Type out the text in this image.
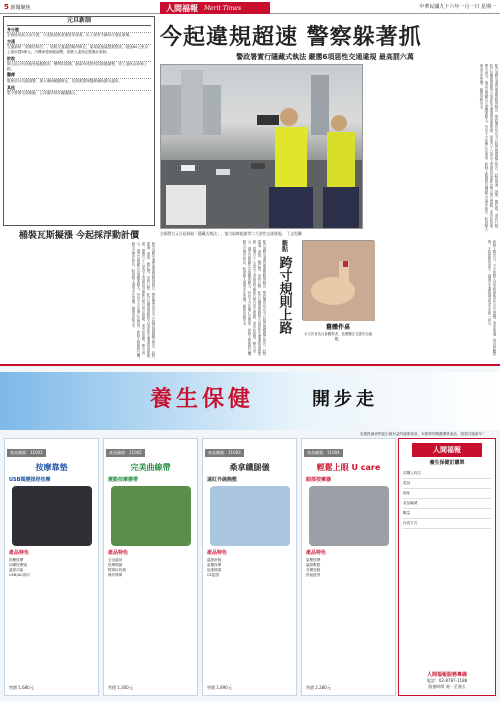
5 新聞聚焦	中華民國九十六年一月一日 星期一
人間福報 Merit Times
元旦新制
身分證

全面使用新式身分證，口述換領無須填寫申請書，出入境等手續均可憑此辦理。

交通

交通新制「酒駕防制法」；道路交通處罰條例修正，違規超速處罰鍰提高，超速60公里以上最高罰6萬元。汽機車強制險調整，駕駛人違規記點累計新制。

財稅

個人綜合所得稅免稅額提高，標準扣除額、薪資所得特別扣除額調整，勞工退休金新制上路。

醫療

健保部分負擔調整，重大傷病範圍修正，長期照護與醫療補助擴大適用。

其他

電子發票全面推動，公共場所禁菸範圍擴大。

桶裝瓦斯擬漲 今起採浮動計價
配合道路交通管理處罰條例修正，警政署宣布自今日起實施隱藏式執法，針對超速、酒駕、闖紅燈、逆向行駛、蛇行及嚴重超載等六項惡性交通違規加強取締。超速六十公里以上者最高可處新台幣六萬元罰鍰，並吊扣駕照。警方表示，過去以明顯告示提醒駕駛人，仍有不少民眾心存僥倖，新制上路後將以機動方式埋伏執法，盼駕駛人養成守法習慣，確保用路安全。
今起違規超速 警察躲著抓
警政署實行隱藏式執法 嚴懲6項惡性交通違規 最高罰六萬
全國警方元旦起採取「隱藏式執法」，強力取締超速等六大惡性交通違規。 丁志堅攝
配合道路交通管理處罰條例修正，警政署宣布自今日起實施隱藏式執法，針對超速、酒駕、闖紅燈、逆向行駛、蛇行及嚴重超載等六項惡性交通違規加強取締。超速六十公里以上者最高可處新台幣六萬元罰鍰，並吊扣駕照。警方表示，過去以明顯告示提醒駕駛人，仍有不少民眾心存僥倖，新制上路後將以機動方式埋伏執法，盼駕駛人養成守法習慣，確保用路安全。
配合道路交通管理處罰條例修正，警政署宣布自今日起實施隱藏式執法，針對超速、酒駕、闖紅燈、逆向行駛、蛇行及嚴重超載等六項惡性交通違規加強取締。超速六十公里以上者最高可處新台幣六萬元罰鍰，並吊扣駕照。警方表示，過去以明顯告示提醒駕駛人，仍有不少民眾心存僥倖，新制上路後將以機動方式埋伏執法，盼駕駛人養成守法習慣，確保用路安全。	觀點
跨寸規則上路	舊體件桌
本文作者為社會觀察者，長期關注交通安全議題。	新制上路首日，不少駕駛人仍未察覺執法方式已改變。專家建議，與其仰賴罰則，不如從教育著手，讓遵守交通規則成為生活的一部分。
養生保健	開步走
為提供讀者們更正確有益的健康資訊，本版特別精選優質產品，陪您共渡新年！
產品編號：11001
按摩靠墊
USB頸腰揉捏按摩
產品特色
指壓按摩
四顆按摩頭
溫熱功能
USB/AC兩用
售價 1,680元
產品編號：11002
完美曲線帶
震動按摩腰帶
產品特色
全身適用
按摩燃脂
輕薄好收納
操作簡單
售價 1,300元
產品編號：11003
桑拿纖腿儀
遠紅外線熱敷
產品特色
溫熱舒緩
氣壓按摩
促進循環
CE認證
售價 1,890元
產品編號：11004
輕鬆上眼 U care
眼部按摩器
產品特色
氣壓按摩
溫熱敷眼
音樂放鬆
舒緩疲勞
售價 2,280元
人間福報
養生保健訂購單
訂購人姓名
電話
地址
產品編號
數量
付款方式
人間福報服務專線
電話：02-8787-1188
服務時間 週一至週五
